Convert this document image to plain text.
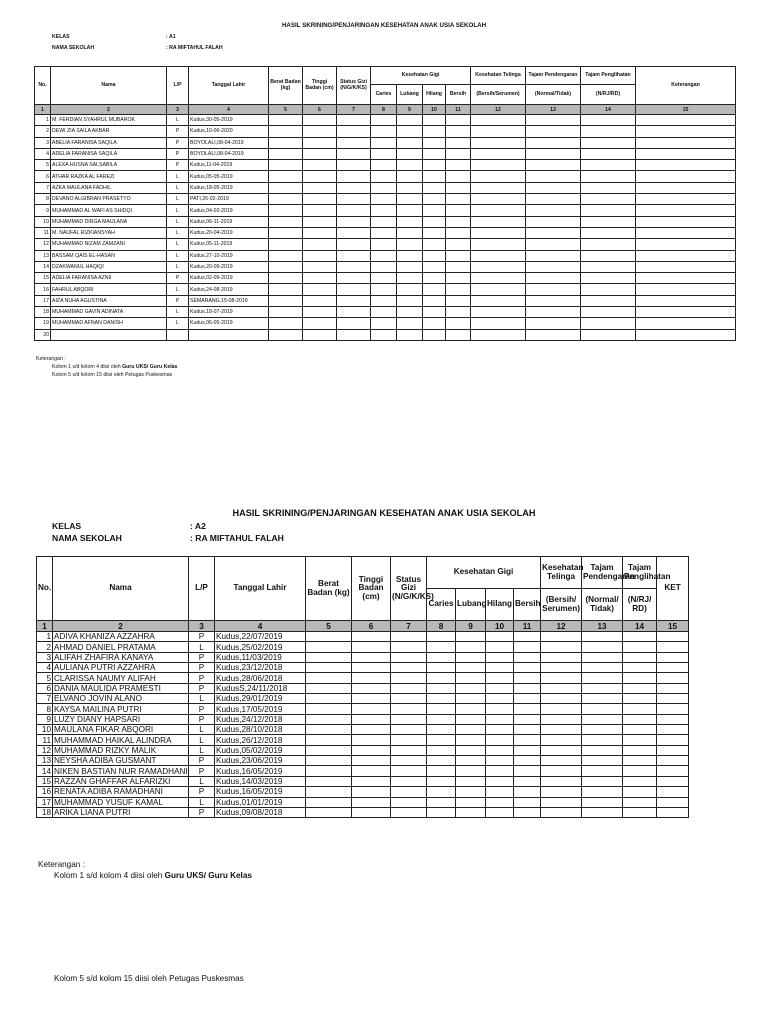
HASIL SKRINING/PENJARINGAN KESEHATAN ANAK USIA SEKOLAH
KELAS	: A1
NAMA SEKOLAH	: RA MIFTAHUL FALAH
No.	Nama	L/P	Tanggal Lahir	Berat Badan (kg)	Tinggi Badan (cm)	Status Gizi (N/G/K/KS)	Kesehatan Gigi				Kesehatan Telinga	Tajam Pendengaran	Tajam Penglihatan	Keterangan
							Caries	Lubang	Hilang	Bersih	(Bersih/Serumen)	(Normal/Tidak)	(N/RJ/RD)	
1	2	3	4	5	6	7	8	9	10	11	12	13	14	15
1	M. FERDIAN SYAHRUL MUBAROK	L	Kudus,30-05-2019											
2	DEWI ZIA SAILA AKBAR	P	Kudus,10-06-2020											
3	ABELIA FARANISA SAQILA	P	BOYOLALI,08-04-2019											
4	ADELIA FARANISA SAQILA	P	BOYOLALI,08-04-2019											
5	ALEXA HUSNA SALSABILA	P	Kudus,11-04-2019											
6	ATHAR RAZKA AL FAREZI	L	Kudus,05-05-2019											
7	AZKA MAULANA FADHIL	L	Kudus,18-05-2019											
8	DEVANO ALGIBRAN PRASETYO	L	PATI,26-02-2019											
9	MUHAMMAD AL WAFI AS SHIDQI	L	Kudus,04-02-2019											
10	MUHAMMAD DIRGA MAULANA	L	Kudus,06-11-2019											
11	M. NAUFAL RIZKIANSYAH	L	Kudus,20-04-2019											
12	MUHAMMAD NIZAM ZAMZANI	L	Kudus,05-11-2019											
13	BASSAM QAIS EL-HASAN	L	Kudus,27-10-2019											
14	DZAKWANUL HAQIQI	L	Kudus,20-09-2019											
15	ADELIA FARANISA AZNII	P	Kudus,02-09-2019											
16	FAHRUL ABQORI	L	Kudus,24-08-2019											
17	AIZA NUHA AGUSTINA	P	SEMARANG,15-08-2019											
18	MUHAMMAD GAVIN ADINATA	L	Kudus,18-07-2019											
19	MUHAMMAD AFNAN DANISH	L	Kudus,06-05-2019											
20														
Keterangan :
Kolom 1 s/d kolom 4 diisi oleh Guru UKS/ Guru Kelas
Kolom 5 s/d kolom 15 diisi oleh Petugas Puskesmas
HASIL SKRINING/PENJARINGAN KESEHATAN ANAK USIA SEKOLAH
KELAS	: A2
NAMA SEKOLAH	: RA MIFTAHUL FALAH
No.	Nama	L/P	Tanggal Lahir	Berat Badan (kg)	Tinggi Badan (cm)	Status Gizi (N/G/K/KS)	Kesehatan Gigi				Kesehatan Telinga	Tajam Pendengaran	Tajam Penglihatan	KET
							Caries	Lubang	Hilang	Bersih	(Bersih/ Serumen)	(Normal/ Tidak)	(N/RJ/ RD)	
1	2	3	4	5	6	7	8	9	10	11	12	13	14	15
1	ADIVA KHANIZA AZZAHRA	P	Kudus,22/07/2019											
2	AHMAD DANIEL PRATAMA	L	Kudus,25/02/2019											
3	ALIFAH ZHAFIRA KANAYA	P	Kudus,11/03/2019											
4	AULIANA PUTRI AZZAHRA	P	Kudus,23/12/2018											
5	CLARISSA NAUMY ALIFAH	P	Kudus,28/06/2018											
6	DANIA MAULIDA PRAMESTI	P	KudusS,24/11/2018											
7	ELVANO JOVIN ALANO	L	Kudus,29/01/2019											
8	KAYSA MAILINA PUTRI	P	Kudus,17/05/2019											
9	LUZY DIANY HAPSARI	P	Kudus,24/12/2018											
10	MAULANA FIKAR ABQORI	L	Kudus,28/10/2018											
11	MUHAMMAD HAIKAL ALINDRA	L	Kudus,26/12/2018											
12	MUHAMMAD RIZKY MALIK	L	Kudus,05/02/2019											
13	NEYSHA ADIBA GUSMANT	P	Kudus,23/06/2019											
14	NIKEN BASTIAN NUR RAMADHANI	P	Kudus,16/05/2019											
15	RAZZAN GHAFFAR ALFARIZKI	L	Kudus,14/03/2019											
16	RENATA ADIBA RAMADHANI	P	Kudus,16/05/2019											
17	MUHAMMAD YUSUF KAMAL	L	Kudus,01/01/2019											
18	ARIKA LIANA PUTRI	P	Kudus,09/08/2018											
Keterangan :
Kolom 1 s/d kolom 4 diisi oleh Guru UKS/ Guru Kelas
Kolom 5 s/d kolom 15 diisi oleh Petugas Puskesmas
